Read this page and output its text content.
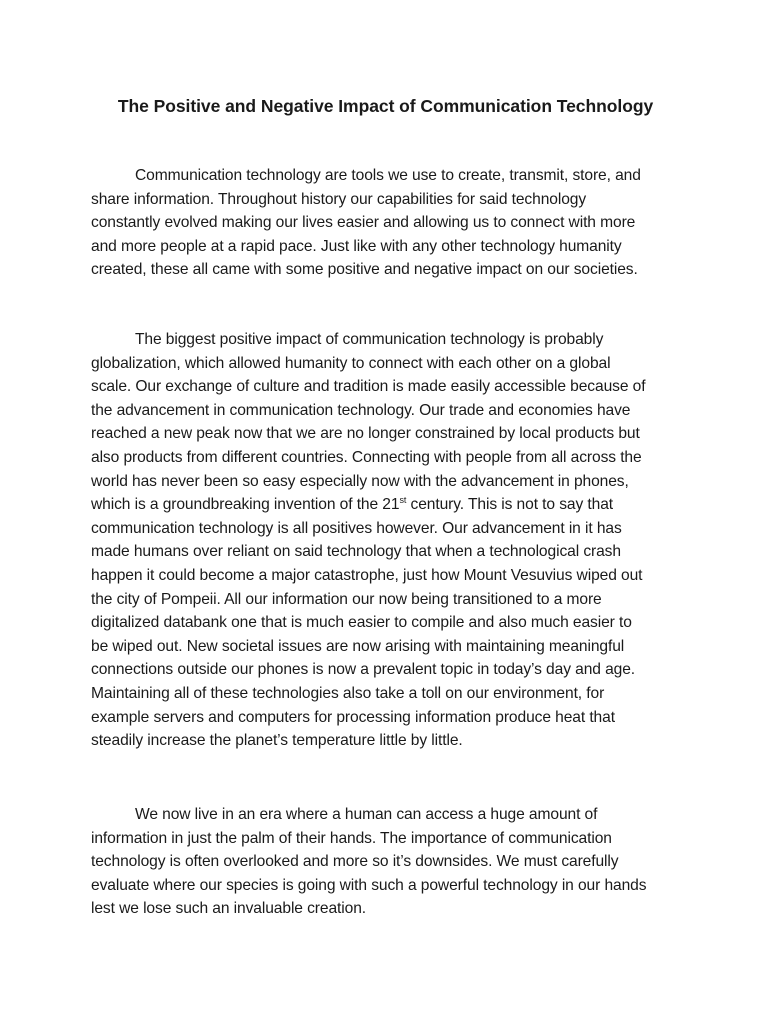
The Positive and Negative Impact of Communication Technology
Communication technology are tools we use to create, transmit, store, and
share information. Throughout history our capabilities for said technology
constantly evolved making our lives easier and allowing us to connect with more
and more people at a rapid pace. Just like with any other technology humanity
created, these all came with some positive and negative impact on our societies.
The biggest positive impact of communication technology is probably
globalization, which allowed humanity to connect with each other on a global
scale. Our exchange of culture and tradition is made easily accessible because of
the advancement in communication technology. Our trade and economies have
reached a new peak now that we are no longer constrained by local products but
also products from different countries. Connecting with people from all across the
world has never been so easy especially now with the advancement in phones,
which is a groundbreaking invention of the 21st century. This is not to say that
communication technology is all positives however. Our advancement in it has
made humans over reliant on said technology that when a technological crash
happen it could become a major catastrophe, just how Mount Vesuvius wiped out
the city of Pompeii. All our information our now being transitioned to a more
digitalized databank one that is much easier to compile and also much easier to
be wiped out. New societal issues are now arising with maintaining meaningful
connections outside our phones is now a prevalent topic in today’s day and age.
Maintaining all of these technologies also take a toll on our environment, for
example servers and computers for processing information produce heat that
steadily increase the planet’s temperature little by little.
We now live in an era where a human can access a huge amount of
information in just the palm of their hands. The importance of communication
technology is often overlooked and more so it’s downsides. We must carefully
evaluate where our species is going with such a powerful technology in our hands
lest we lose such an invaluable creation.
